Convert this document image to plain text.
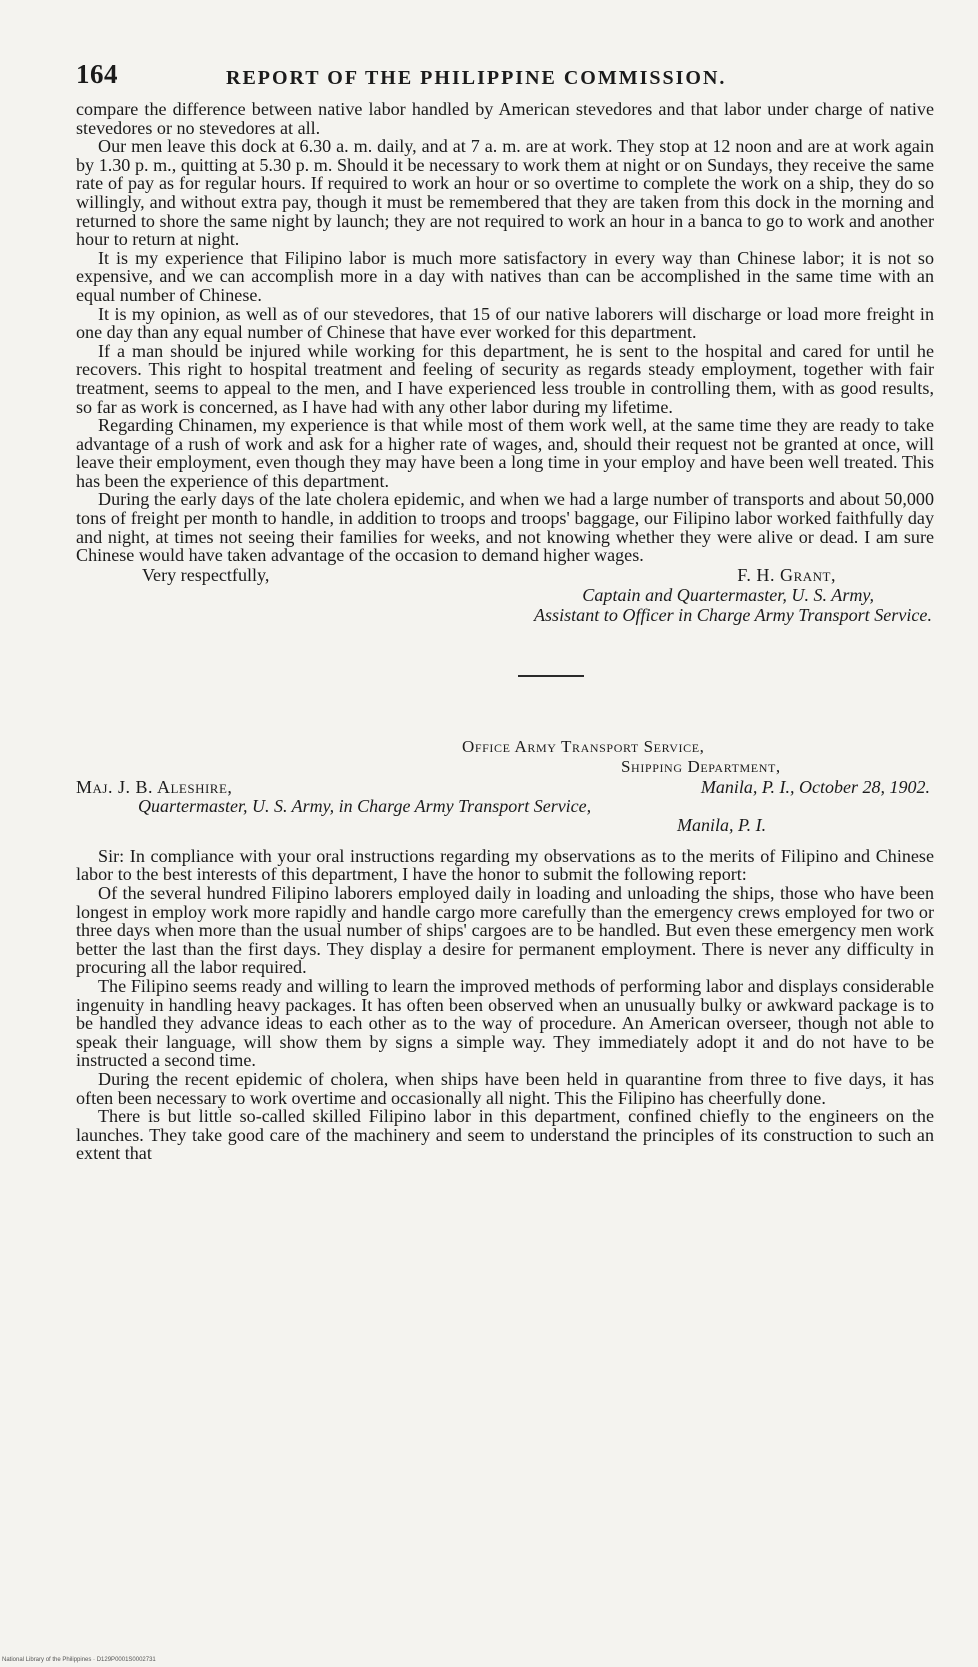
164	REPORT OF THE PHILIPPINE COMMISSION.

compare the difference between native labor handled by American stevedores and that labor under charge of native stevedores or no stevedores at all.

Our men leave this dock at 6.30 a. m. daily, and at 7 a. m. are at work. They stop at 12 noon and are at work again by 1.30 p. m., quitting at 5.30 p. m. Should it be necessary to work them at night or on Sundays, they receive the same rate of pay as for regular hours. If required to work an hour or so overtime to complete the work on a ship, they do so willingly, and without extra pay, though it must be remembered that they are taken from this dock in the morning and returned to shore the same night by launch; they are not required to work an hour in a banca to go to work and another hour to return at night.

It is my experience that Filipino labor is much more satisfactory in every way than Chinese labor; it is not so expensive, and we can accomplish more in a day with natives than can be accomplished in the same time with an equal number of Chinese.

It is my opinion, as well as of our stevedores, that 15 of our native laborers will discharge or load more freight in one day than any equal number of Chinese that have ever worked for this department.

If a man should be injured while working for this department, he is sent to the hospital and cared for until he recovers. This right to hospital treatment and feeling of security as regards steady employment, together with fair treatment, seems to appeal to the men, and I have experienced less trouble in controlling them, with as good results, so far as work is concerned, as I have had with any other labor during my lifetime.

Regarding Chinamen, my experience is that while most of them work well, at the same time they are ready to take advantage of a rush of work and ask for a higher rate of wages, and, should their request not be granted at once, will leave their employment, even though they may have been a long time in your employ and have been well treated. This has been the experience of this department.

During the early days of the late cholera epidemic, and when we had a large number of transports and about 50,000 tons of freight per month to handle, in addition to troops and troops' baggage, our Filipino labor worked faithfully day and night, at times not seeing their families for weeks, and not knowing whether they were alive or dead. I am sure Chinese would have taken advantage of the occasion to demand higher wages.

Very respectfully,	F. H. Grant,
Captain and Quartermaster, U. S. Army,
Assistant to Officer in Charge Army Transport Service.
Office Army Transport Service,
Shipping Department,
Maj. J. B. Aleshire,	Manila, P. I., October 28, 1902.
Quartermaster, U. S. Army, in Charge Army Transport Service,
Manila, P. I.

Sir: In compliance with your oral instructions regarding my observations as to the merits of Filipino and Chinese labor to the best interests of this department, I have the honor to submit the following report:

Of the several hundred Filipino laborers employed daily in loading and unloading the ships, those who have been longest in employ work more rapidly and handle cargo more carefully than the emergency crews employed for two or three days when more than the usual number of ships' cargoes are to be handled. But even these emergency men work better the last than the first days. They display a desire for permanent employment. There is never any difficulty in procuring all the labor required.

The Filipino seems ready and willing to learn the improved methods of performing labor and displays considerable ingenuity in handling heavy packages. It has often been observed when an unusually bulky or awkward package is to be handled they advance ideas to each other as to the way of procedure. An American overseer, though not able to speak their language, will show them by signs a simple way. They immediately adopt it and do not have to be instructed a second time.

During the recent epidemic of cholera, when ships have been held in quarantine from three to five days, it has often been necessary to work overtime and occasionally all night. This the Filipino has cheerfully done.

There is but little so-called skilled Filipino labor in this department, confined chiefly to the engineers on the launches. They take good care of the machinery and seem to understand the principles of its construction to such an extent that

National Library of the Philippines · D129P0001S0002731
